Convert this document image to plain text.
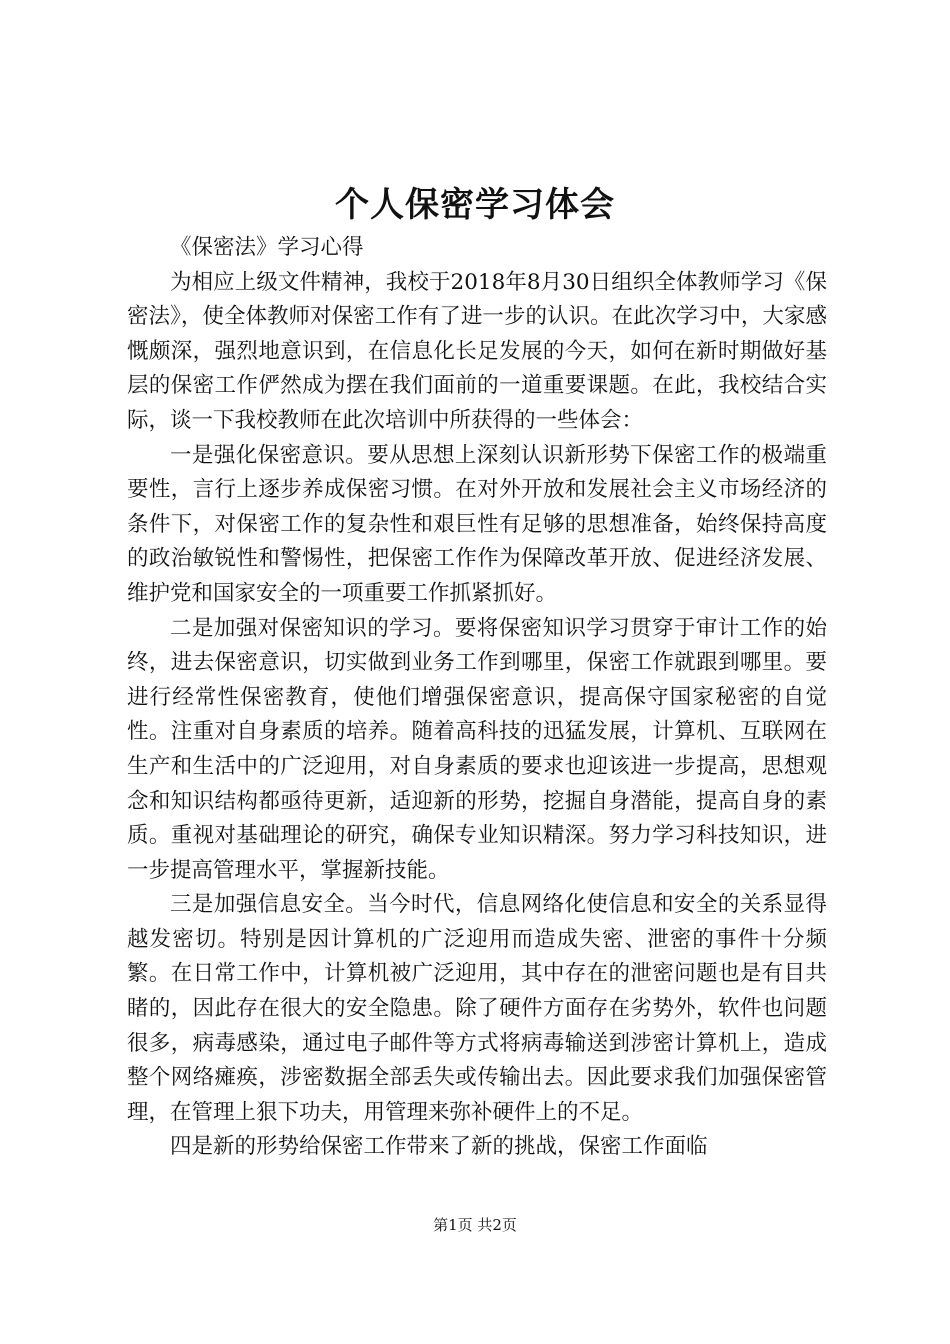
个人保密学习体会

《保密法》学习心得

为相应上级文件精神，我校于2018年8月30日组织全体教师学习《保密法》，使全体教师对保密工作有了进一步的认识。在此次学习中，大家感慨颇深，强烈地意识到，在信息化长足发展的今天，如何在新时期做好基层的保密工作俨然成为摆在我们面前的一道重要课题。在此，我校结合实际，谈一下我校教师在此次培训中所获得的一些体会：

一是强化保密意识。要从思想上深刻认识新形势下保密工作的极端重要性，言行上逐步养成保密习惯。在对外开放和发展社会主义市场经济的条件下，对保密工作的复杂性和艰巨性有足够的思想准备，始终保持高度的政治敏锐性和警惕性，把保密工作作为保障改革开放、促进经济发展、维护党和国家安全的一项重要工作抓紧抓好。

二是加强对保密知识的学习。要将保密知识学习贯穿于审计工作的始终，进去保密意识，切实做到业务工作到哪里，保密工作就跟到哪里。要进行经常性保密教育，使他们增强保密意识，提高保守国家秘密的自觉性。注重对自身素质的培养。随着高科技的迅猛发展，计算机、互联网在生产和生活中的广泛迎用，对自身素质的要求也迎该进一步提高，思想观念和知识结构都亟待更新，适迎新的形势，挖掘自身潜能，提高自身的素质。重视对基础理论的研究，确保专业知识精深。努力学习科技知识，进一步提高管理水平，掌握新技能。

三是加强信息安全。当今时代，信息网络化使信息和安全的关系显得越发密切。特别是因计算机的广泛迎用而造成失密、泄密的事件十分频繁。在日常工作中，计算机被广泛迎用，其中存在的泄密问题也是有目共睹的，因此存在很大的安全隐患。除了硬件方面存在劣势外，软件也问题很多，病毒感染，通过电子邮件等方式将病毒输送到涉密计算机上，造成整个网络瘫痪，涉密数据全部丢失或传输出去。因此要求我们加强保密管理，在管理上狠下功夫，用管理来弥补硬件上的不足。

四是新的形势给保密工作带来了新的挑战，保密工作面临

第1页 共2页
